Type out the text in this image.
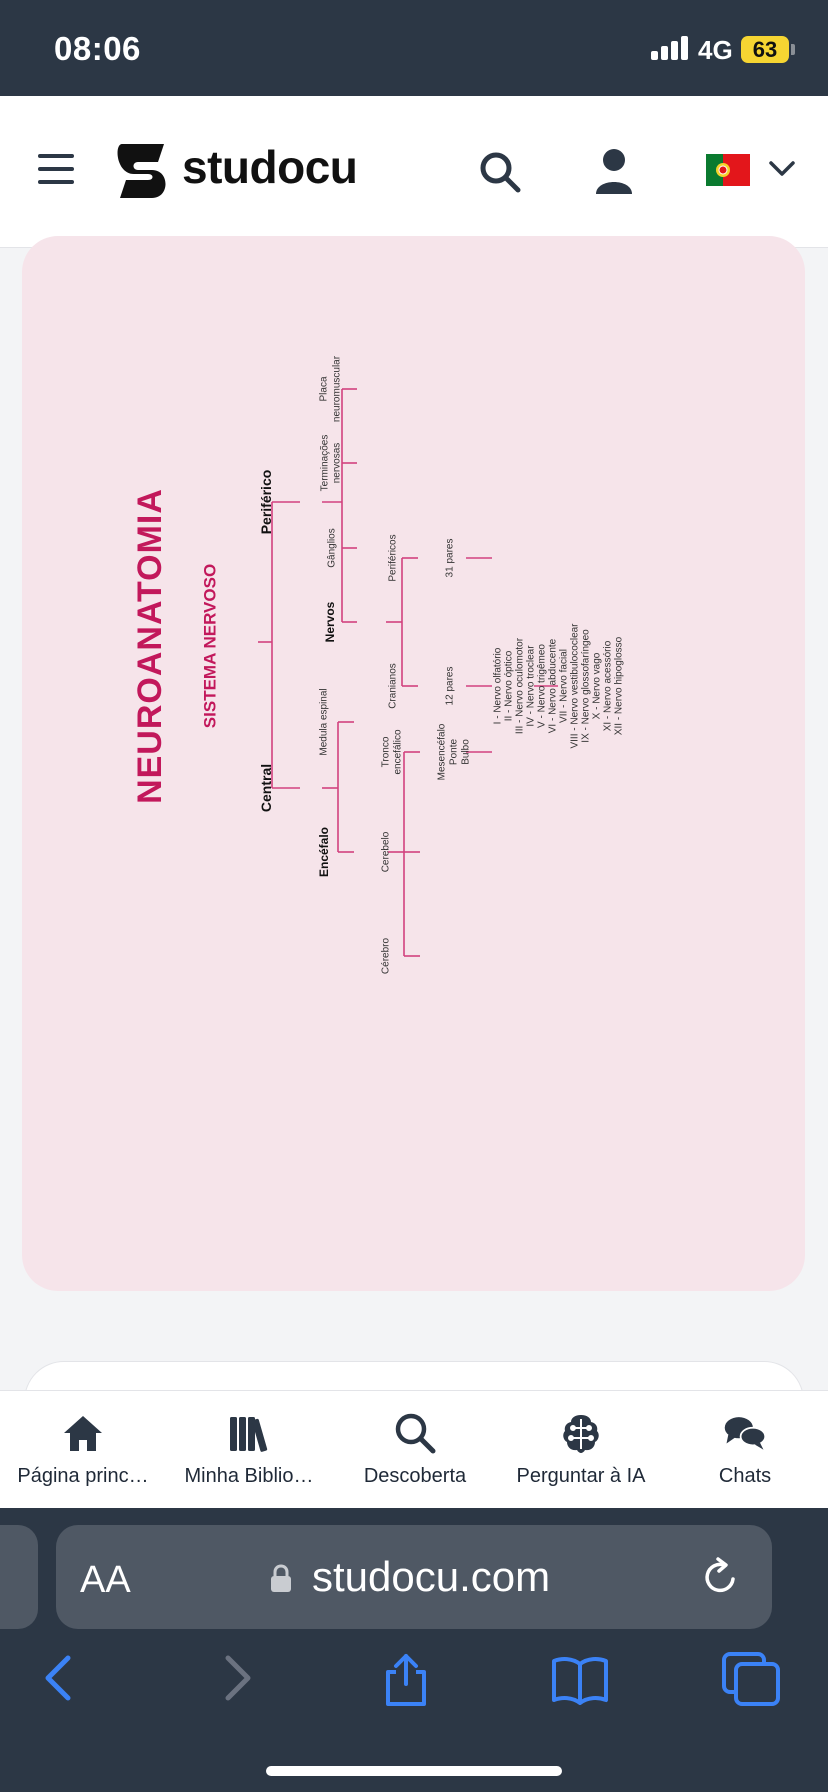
08:06	4G 63
studocu
NEUROANATOMIA SISTEMA NERVOSO
Periférico
Central
Placa neuromuscular
Terminações nervosas
Gânglios
Nervos
Medula espinal
Encéfalo
Periféricos
Cranianos
31 pares
12 pares
Tronco encefálico
Cerebelo
Cérebro
Mesencéfalo Ponte Bulbo
I - Nervo olfatório II - Nervo óptico III - Nervo oculomotor IV - Nervo troclear V - Nervo trigêmeo VI - Nervo abducente VII - Nervo facial VIII - Nervo vestibulococlear IX - Nervo glossofaríngeo X - Nervo vago XI - Nervo acessório XII - Nervo hipoglosso
Página princ…	Minha Biblio…	Descoberta	Perguntar à IA	Chats
AA	studocu.com
